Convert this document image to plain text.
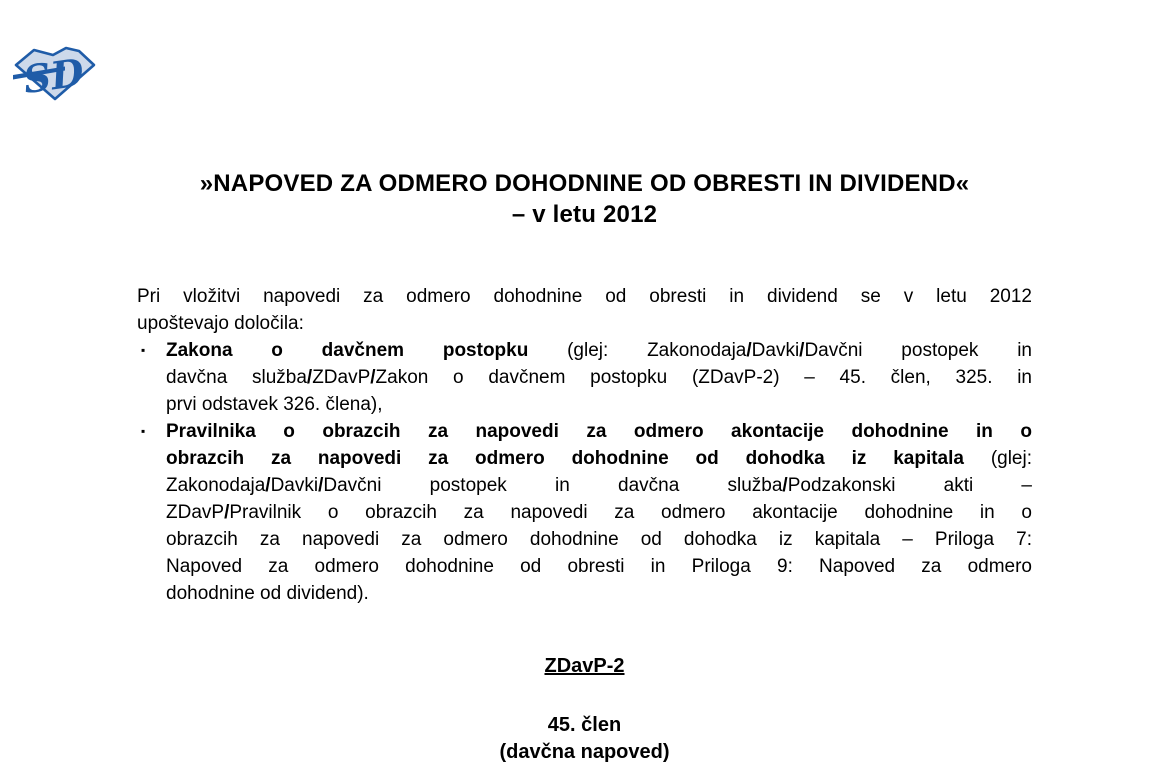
SD
»NAPOVED ZA ODMERO DOHODNINE OD OBRESTI IN DIVIDEND«
– v letu 2012
Pri vložitvi napovedi za odmero dohodnine od obresti in dividend se v letu 2012
upoštevajo določila:
▪ Zakona o davčnem postopku (glej: Zakonodaja/Davki/Davčni postopek in
davčna služba/ZDavP/Zakon o davčnem postopku (ZDavP-2) – 45. člen, 325. in
prvi odstavek 326. člena),
▪ Pravilnika o obrazcih za napovedi za odmero akontacije dohodnine in o
obrazcih za napovedi za odmero dohodnine od dohodka iz kapitala (glej:
Zakonodaja/Davki/Davčni postopek in davčna služba/Podzakonski akti –
ZDavP/Pravilnik o obrazcih za napovedi za odmero akontacije dohodnine in o
obrazcih za napovedi za odmero dohodnine od dohodka iz kapitala – Priloga 7:
Napoved za odmero dohodnine od obresti in Priloga 9: Napoved za odmero
dohodnine od dividend).
ZDavP-2
45. člen
(davčna napoved)
